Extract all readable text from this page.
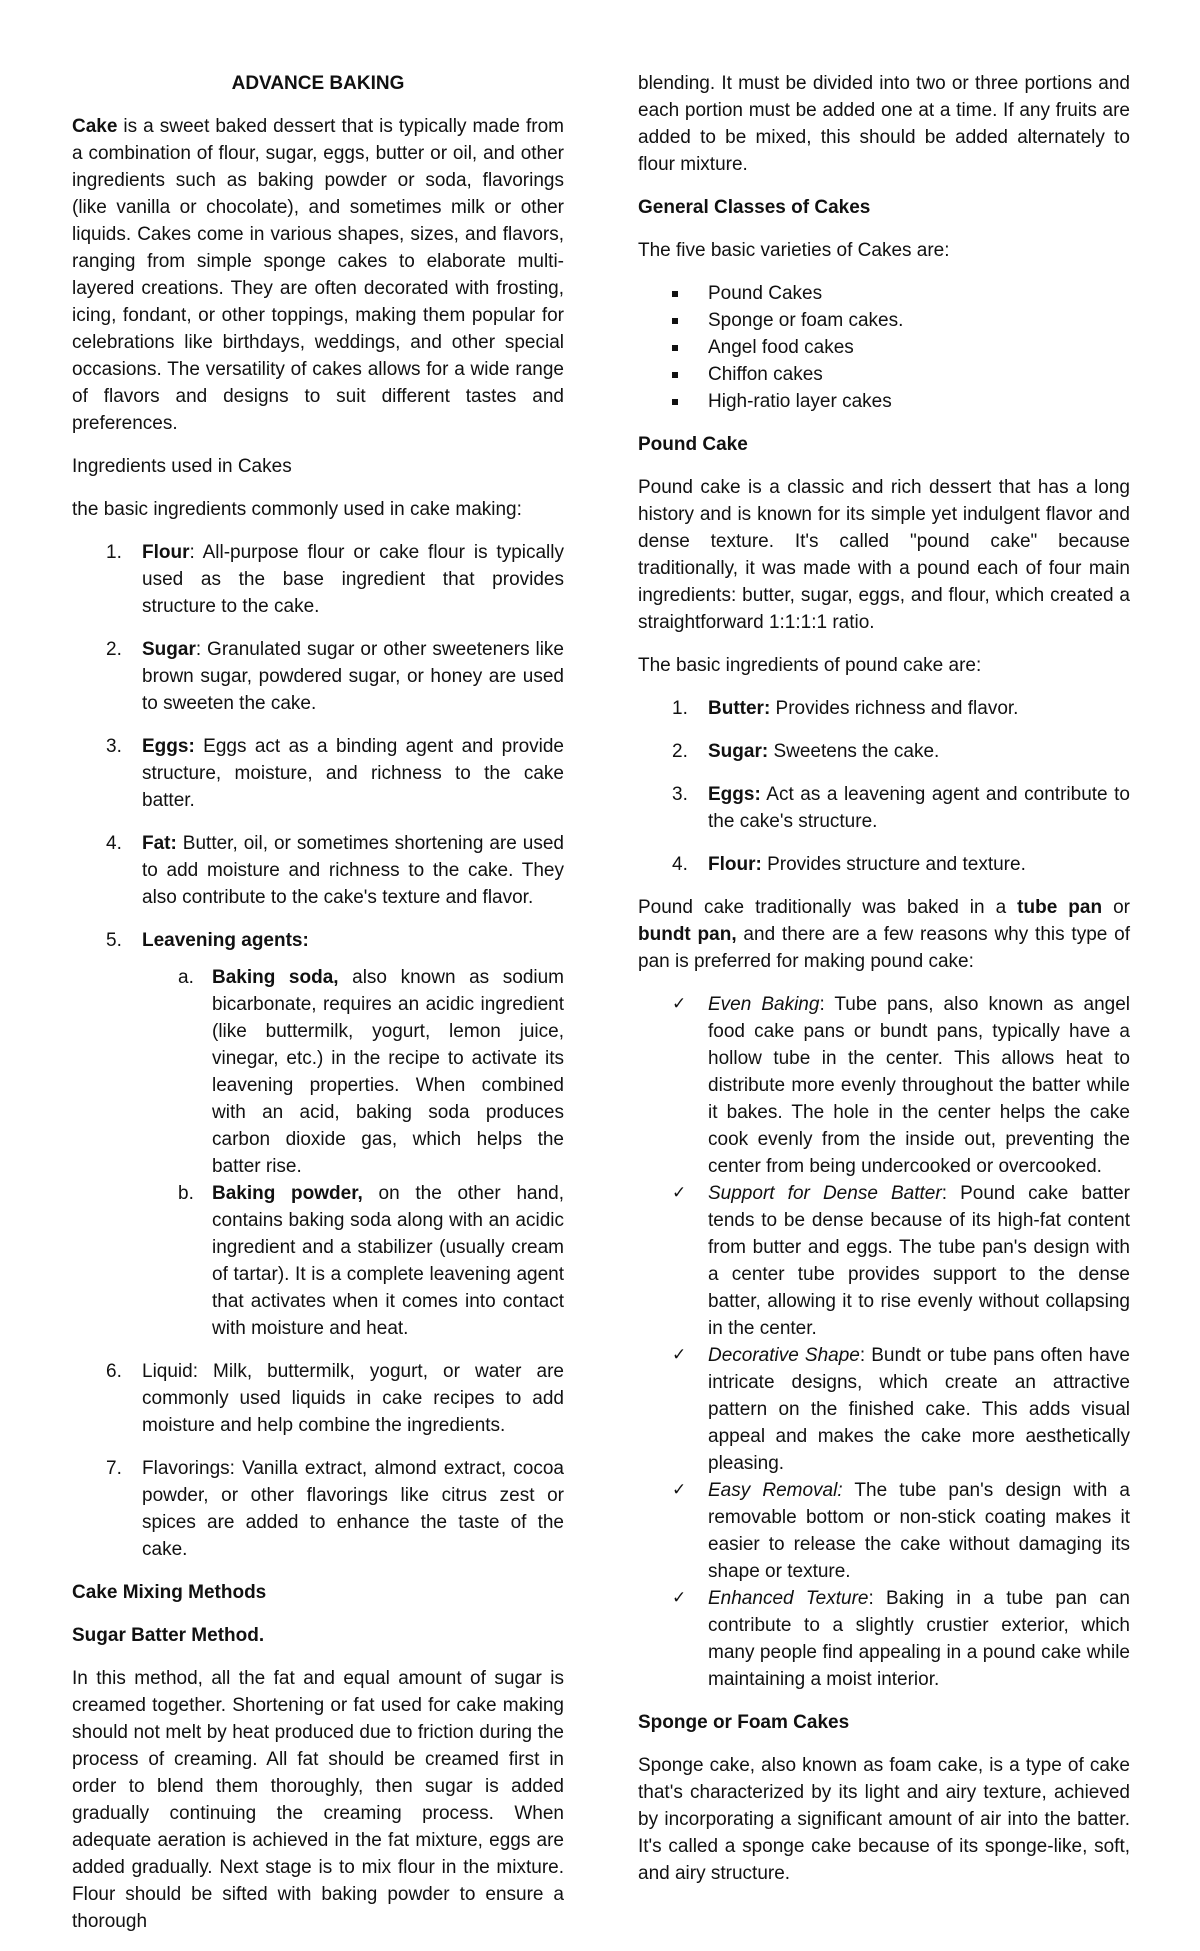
ADVANCE BAKING

Cake is a sweet baked dessert that is typically made from a combination of flour, sugar, eggs, butter or oil, and other ingredients such as baking powder or soda, flavorings (like vanilla or chocolate), and sometimes milk or other liquids. Cakes come in various shapes, sizes, and flavors, ranging from simple sponge cakes to elaborate multi-layered creations. They are often decorated with frosting, icing, fondant, or other toppings, making them popular for celebrations like birthdays, weddings, and other special occasions. The versatility of cakes allows for a wide range of flavors and designs to suit different tastes and preferences.

Ingredients used in Cakes

the basic ingredients commonly used in cake making:

1. Flour: All-purpose flour or cake flour is typically used as the base ingredient that provides structure to the cake.
2. Sugar: Granulated sugar or other sweeteners like brown sugar, powdered sugar, or honey are used to sweeten the cake.
3. Eggs: Eggs act as a binding agent and provide structure, moisture, and richness to the cake batter.
4. Fat: Butter, oil, or sometimes shortening are used to add moisture and richness to the cake. They also contribute to the cake's texture and flavor.
5. Leavening agents:
a. Baking soda, also known as sodium bicarbonate, requires an acidic ingredient (like buttermilk, yogurt, lemon juice, vinegar, etc.) in the recipe to activate its leavening properties. When combined with an acid, baking soda produces carbon dioxide gas, which helps the batter rise.
b. Baking powder, on the other hand, contains baking soda along with an acidic ingredient and a stabilizer (usually cream of tartar). It is a complete leavening agent that activates when it comes into contact with moisture and heat.
6. Liquid: Milk, buttermilk, yogurt, or water are commonly used liquids in cake recipes to add moisture and help combine the ingredients.
7. Flavorings: Vanilla extract, almond extract, cocoa powder, or other flavorings like citrus zest or spices are added to enhance the taste of the cake.
Cake Mixing Methods
Sugar Batter Method.

In this method, all the fat and equal amount of sugar is creamed together. Shortening or fat used for cake making should not melt by heat produced due to friction during the process of creaming. All fat should be creamed first in order to blend them thoroughly, then sugar is added gradually continuing the creaming process. When adequate aeration is achieved in the fat mixture, eggs are added gradually. Next stage is to mix flour in the mixture. Flour should be sifted with baking powder to ensure a thorough

blending. It must be divided into two or three portions and each portion must be added one at a time. If any fruits are added to be mixed, this should be added alternately to flour mixture.

General Classes of Cakes

The five basic varieties of Cakes are:

Pound Cakes
Sponge or foam cakes.
Angel food cakes
Chiffon cakes
High-ratio layer cakes
Pound Cake

Pound cake is a classic and rich dessert that has a long history and is known for its simple yet indulgent flavor and dense texture. It's called "pound cake" because traditionally, it was made with a pound each of four main ingredients: butter, sugar, eggs, and flour, which created a straightforward 1:1:1:1 ratio.

The basic ingredients of pound cake are:

1. Butter: Provides richness and flavor.
2. Sugar: Sweetens the cake.
3. Eggs: Act as a leavening agent and contribute to the cake's structure.
4. Flour: Provides structure and texture.

Pound cake traditionally was baked in a tube pan or bundt pan, and there are a few reasons why this type of pan is preferred for making pound cake:

✓ Even Baking: Tube pans, also known as angel food cake pans or bundt pans, typically have a hollow tube in the center. This allows heat to distribute more evenly throughout the batter while it bakes. The hole in the center helps the cake cook evenly from the inside out, preventing the center from being undercooked or overcooked.
✓ Support for Dense Batter: Pound cake batter tends to be dense because of its high-fat content from butter and eggs. The tube pan's design with a center tube provides support to the dense batter, allowing it to rise evenly without collapsing in the center.
✓ Decorative Shape: Bundt or tube pans often have intricate designs, which create an attractive pattern on the finished cake. This adds visual appeal and makes the cake more aesthetically pleasing.
✓ Easy Removal: The tube pan's design with a removable bottom or non-stick coating makes it easier to release the cake without damaging its shape or texture.
✓ Enhanced Texture: Baking in a tube pan can contribute to a slightly crustier exterior, which many people find appealing in a pound cake while maintaining a moist interior.
Sponge or Foam Cakes

Sponge cake, also known as foam cake, is a type of cake that's characterized by its light and airy texture, achieved by incorporating a significant amount of air into the batter. It's called a sponge cake because of its sponge-like, soft, and airy structure.
